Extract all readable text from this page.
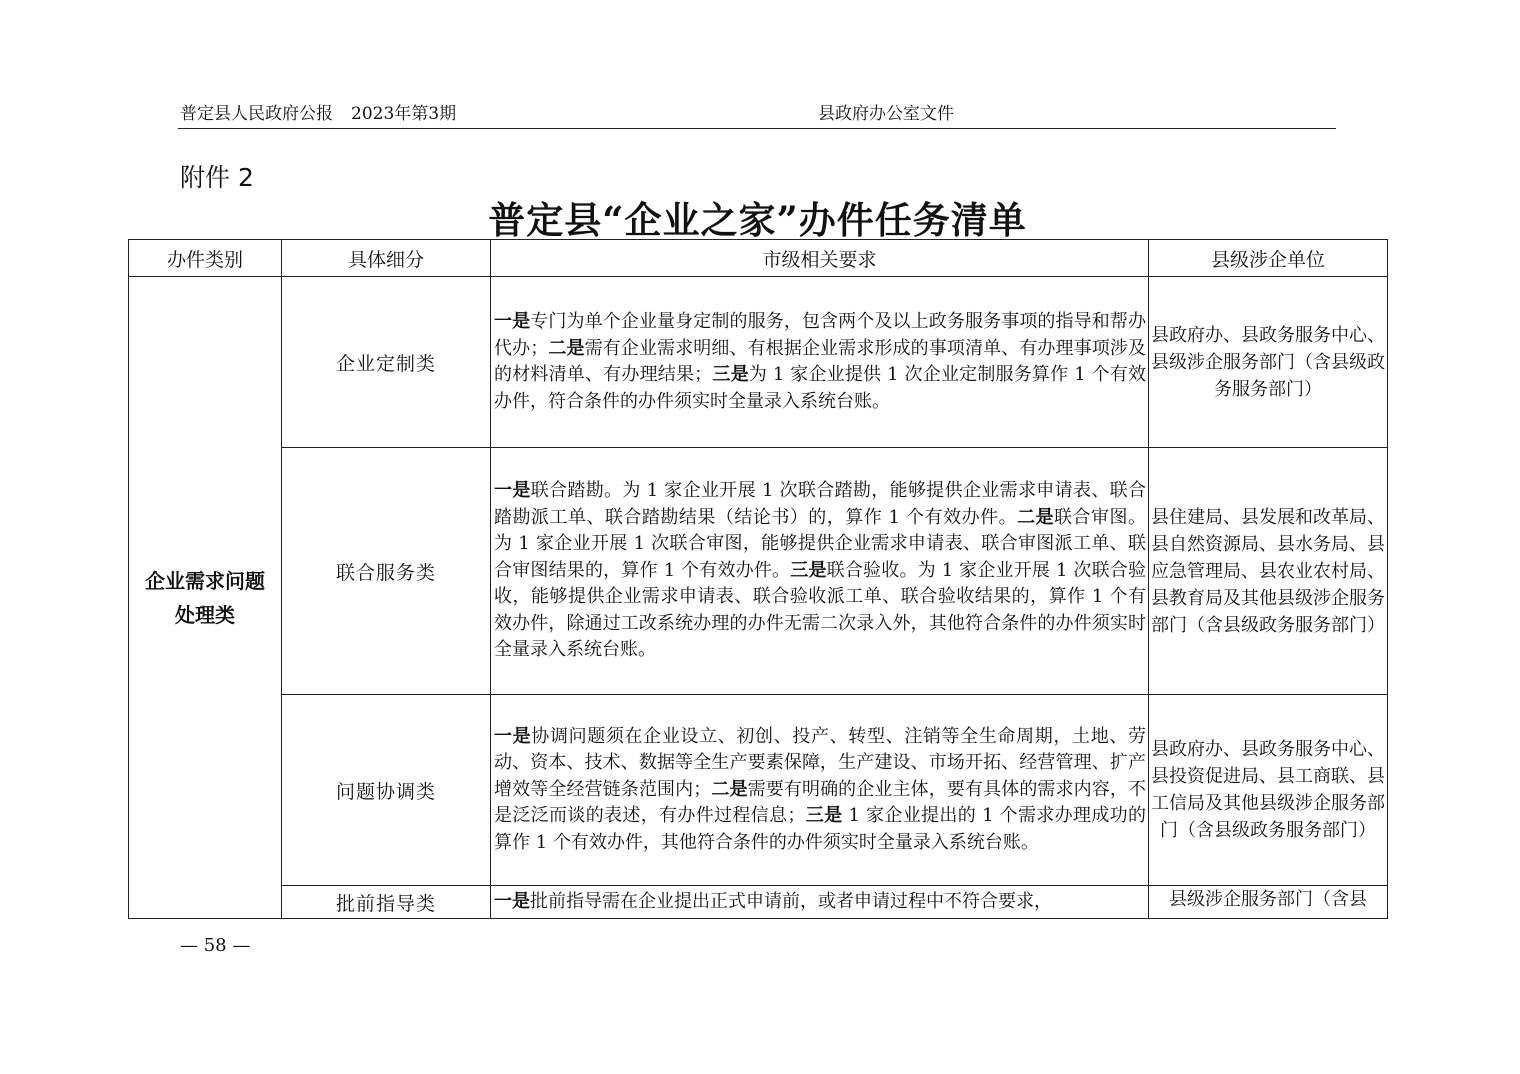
普定县人民政府公报 2023年第3期	县政府办公室文件
附件 2
普定县“企业之家”办件任务清单
办件类别	具体细分	市级相关要求	县级涉企单位

企业需求问题处理类	企业定制类	一是专门为单个企业量身定制的服务，包含两个及以上政务服务事项的指导和帮办代办；二是需有企业需求明细、有根据企业需求形成的事项清单、有办理事项涉及的材料清单、有办理结果；三是为 1 家企业提供 1 次企业定制服务算作 1 个有效办件，符合条件的办件须实时全量录入系统台账。	县政府办、县政务服务中心、县级涉企服务部门（含县级政务服务部门）
	联合服务类	一是联合踏勘。为 1 家企业开展 1 次联合踏勘，能够提供企业需求申请表、联合踏勘派工单、联合踏勘结果（结论书）的，算作 1 个有效办件。二是联合审图。为 1 家企业开展 1 次联合审图，能够提供企业需求申请表、联合审图派工单、联合审图结果的，算作 1 个有效办件。三是联合验收。为 1 家企业开展 1 次联合验收，能够提供企业需求申请表、联合验收派工单、联合验收结果的，算作 1 个有效办件，除通过工改系统办理的办件无需二次录入外，其他符合条件的办件须实时全量录入系统台账。	县住建局、县发展和改革局、县自然资源局、县水务局、县应急管理局、县农业农村局、县教育局及其他县级涉企服务部门（含县级政务服务部门）
	问题协调类	一是协调问题须在企业设立、初创、投产、转型、注销等全生命周期，土地、劳动、资本、技术、数据等全生产要素保障，生产建设、市场开拓、经营管理、扩产增效等全经营链条范围内；二是需要有明确的企业主体，要有具体的需求内容，不是泛泛而谈的表述，有办件过程信息；三是 1 家企业提出的 1 个需求办理成功的算作 1 个有效办件，其他符合条件的办件须实时全量录入系统台账。	县政府办、县政务服务中心、县投资促进局、县工商联、县工信局及其他县级涉企服务部门（含县级政务服务部门）
	批前指导类	一是批前指导需在企业提出正式申请前，或者申请过程中不符合要求，	县级涉企服务部门（含县
— 58 —
